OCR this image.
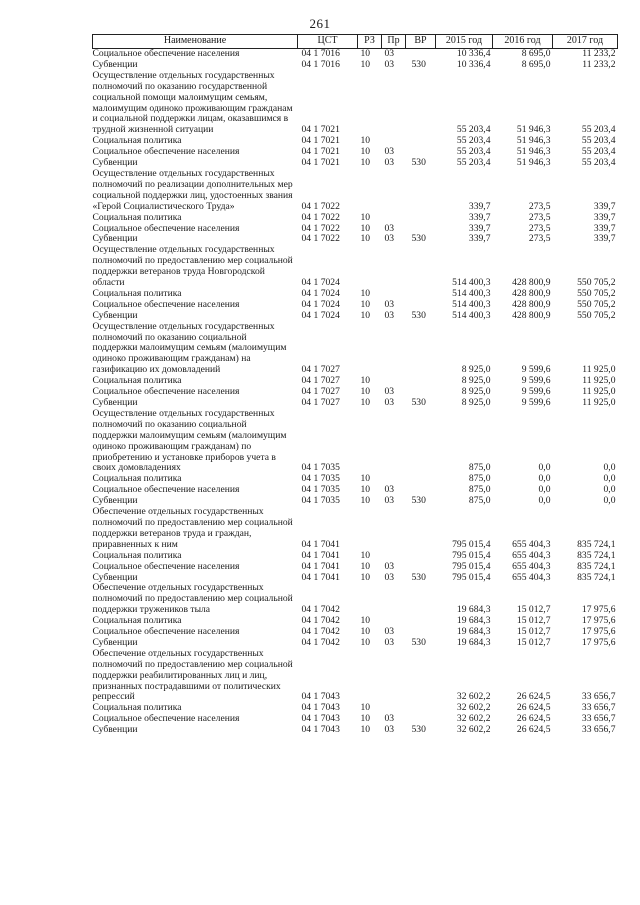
261
Наименование	ЦСТ	РЗ	Пр	ВР	2015 год	2016 год	2017 год
Социальное обеспечение населения	04 1 7016	10	03		10 336,4	8 695,0	11 233,2
Субвенции	04 1 7016	10	03	530	10 336,4	8 695,0	11 233,2
Осуществление отдельных государственных полномочий по оказанию государственной социальной помощи малоимущим семьям, малоимущим одиноко проживающим гражданам и социальной поддержки лицам, оказавшимся в трудной жизненной ситуации	04 1 7021				55 203,4	51 946,3	55 203,4
Социальная политика	04 1 7021	10			55 203,4	51 946,3	55 203,4
Социальное обеспечение населения	04 1 7021	10	03		55 203,4	51 946,3	55 203,4
Субвенции	04 1 7021	10	03	530	55 203,4	51 946,3	55 203,4
Осуществление отдельных государственных полномочий по реализации дополнительных мер социальной поддержки лиц, удостоенных звания «Герой Социалистического Труда»	04 1 7022				339,7	273,5	339,7
Социальная политика	04 1 7022	10			339,7	273,5	339,7
Социальное обеспечение населения	04 1 7022	10	03		339,7	273,5	339,7
Субвенции	04 1 7022	10	03	530	339,7	273,5	339,7
Осуществление отдельных государственных полномочий по предоставлению мер социальной поддержки ветеранов труда Новгородской области	04 1 7024				514 400,3	428 800,9	550 705,2
Социальная политика	04 1 7024	10			514 400,3	428 800,9	550 705,2
Социальное обеспечение населения	04 1 7024	10	03		514 400,3	428 800,9	550 705,2
Субвенции	04 1 7024	10	03	530	514 400,3	428 800,9	550 705,2
Осуществление отдельных государственных полномочий по оказанию социальной поддержки малоимущим семьям (малоимущим одиноко проживающим гражданам) на газификацию их домовладений	04 1 7027				8 925,0	9 599,6	11 925,0
Социальная политика	04 1 7027	10			8 925,0	9 599,6	11 925,0
Социальное обеспечение населения	04 1 7027	10	03		8 925,0	9 599,6	11 925,0
Субвенции	04 1 7027	10	03	530	8 925,0	9 599,6	11 925,0
Осуществление отдельных государственных полномочий по оказанию социальной поддержки малоимущим семьям (малоимущим одиноко проживающим гражданам) по приобретению и установке приборов учета в своих домовладениях	04 1 7035				875,0	0,0	0,0
Социальная политика	04 1 7035	10			875,0	0,0	0,0
Социальное обеспечение населения	04 1 7035	10	03		875,0	0,0	0,0
Субвенции	04 1 7035	10	03	530	875,0	0,0	0,0
Обеспечение отдельных государственных полномочий по предоставлению мер социальной поддержки ветеранов труда и граждан, приравненных к ним	04 1 7041				795 015,4	655 404,3	835 724,1
Социальная политика	04 1 7041	10			795 015,4	655 404,3	835 724,1
Социальное обеспечение населения	04 1 7041	10	03		795 015,4	655 404,3	835 724,1
Субвенции	04 1 7041	10	03	530	795 015,4	655 404,3	835 724,1
Обеспечение отдельных государственных полномочий по предоставлению мер социальной поддержки тружеников тыла	04 1 7042				19 684,3	15 012,7	17 975,6
Социальная политика	04 1 7042	10			19 684,3	15 012,7	17 975,6
Социальное обеспечение населения	04 1 7042	10	03		19 684,3	15 012,7	17 975,6
Субвенции	04 1 7042	10	03	530	19 684,3	15 012,7	17 975,6
Обеспечение отдельных государственных полномочий по предоставлению мер социальной поддержки реабилитированных лиц и лиц, признанных пострадавшими от политических репрессий	04 1 7043				32 602,2	26 624,5	33 656,7
Социальная политика	04 1 7043	10			32 602,2	26 624,5	33 656,7
Социальное обеспечение населения	04 1 7043	10	03		32 602,2	26 624,5	33 656,7
Субвенции	04 1 7043	10	03	530	32 602,2	26 624,5	33 656,7
